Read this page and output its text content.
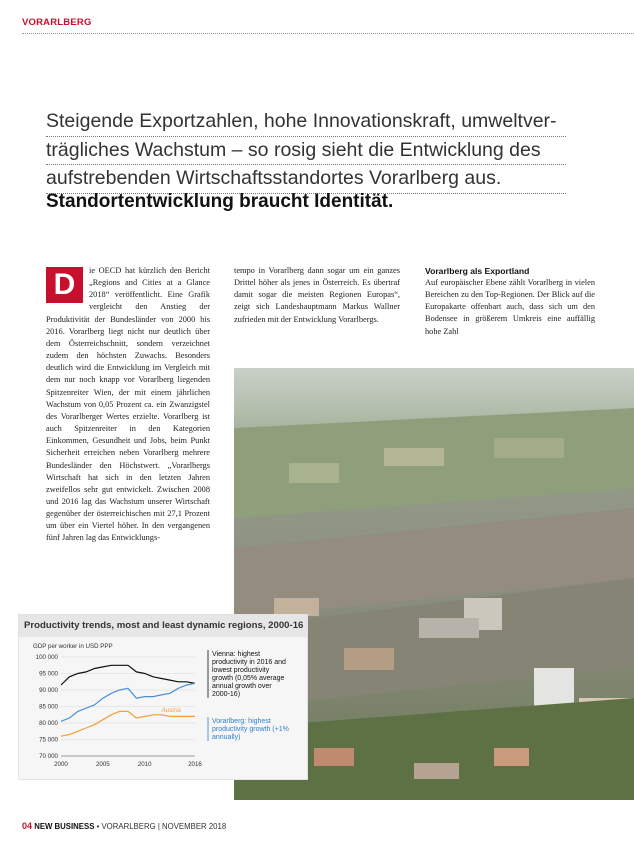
VORARLBERG
Steigende Exportzahlen, hohe Innovationskraft, umweltver-
trägliches Wachstum – so rosig sieht die Entwicklung des
aufstrebenden Wirtschaftsstandortes Vorarlberg aus.
Standortentwicklung braucht Identität.
D	ie OECD hat kürzlich den Bericht „Regions and Cities at a Glance 2018“ veröffentlicht. Eine Grafik vergleicht den Anstieg der Produktivität der Bundesländer von 2000 bis 2016. Vorarlberg liegt nicht nur deutlich über dem Österreichschnitt, sondern verzeichnet zudem den höchsten Zuwachs. Besonders deutlich wird die Entwicklung im Vergleich mit dem nur noch knapp vor Vorarlberg liegenden Spitzenreiter Wien, der mit einem jährlichen Wachstum von 0,05 Prozent ca. ein Zwanzigstel des Vorarlberger Wertes erzielte. Vorarlberg ist auch Spitzenreiter in den Kategorien Einkommen, Gesundheit und Jobs, beim Punkt Sicherheit erreichen neben Vorarlberg mehrere Bundesländer den Höchstwert. „Vorarlbergs Wirtschaft hat sich in den letzten Jahren zweifellos sehr gut entwickelt. Zwischen 2008 und 2016 lag das Wachstum unserer Wirtschaft gegenüber der österreichischen mit 27,1 Prozent um über ein Viertel höher. In den vergangenen fünf Jahren lag das Entwicklungs-
tempo in Vorarlberg dann sogar um ein ganzes Drittel höher als jenes in Österreich. Es übertraf damit sogar die meisten Regionen Europas“, zeigt sich Landeshauptmann Markus Wallner zufrieden mit der Entwicklung Vorarlbergs.
Vorarlberg als Exportland
Auf europäischer Ebene zählt Vorarlberg in vielen Bereichen zu den Top-Regionen. Der Blick auf die Europakarte offenbart auch, dass sich um den Bodensee in größerem Umkreis eine auffällig hohe Zahl
Productivity trends, most and least dynamic regions, 2000-16
GDP per worker in USD PPP
70 000
75 000
80 000
85 000
90 000
95 000
100 000
2000	2005	2010	2016
Austria
Vienna: highest
productivity in 2016 and
lowest productivity
growth (0,05% average
annual growth over
2000-16)
Vorarlberg: highest
productivity growth (+1%
annually)
04 NEW BUSINESS • VORARLBERG | NOVEMBER 2018
